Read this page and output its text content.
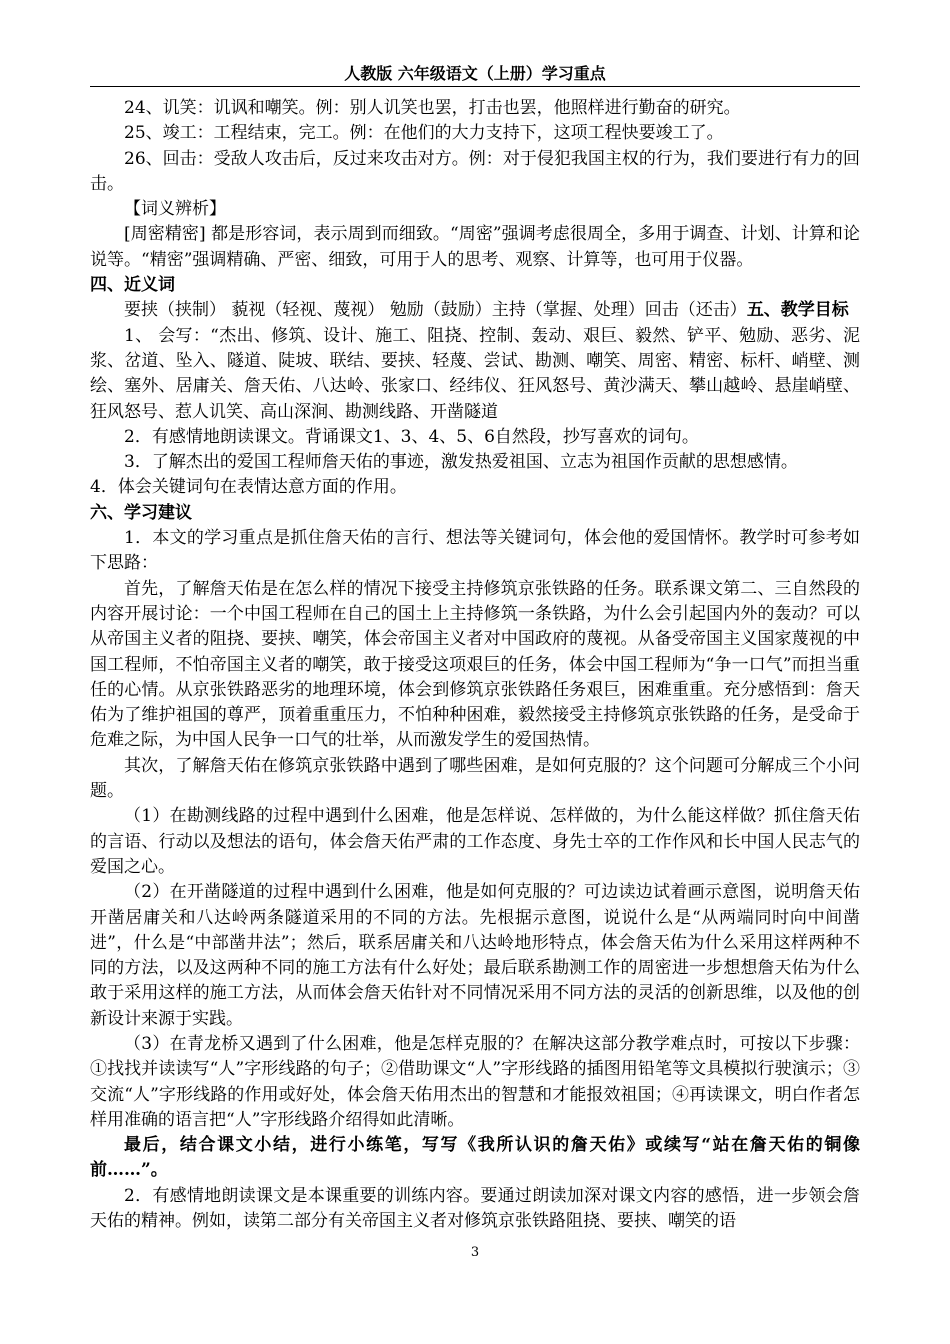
人教版 六年级语文（上册）学习重点

24、讥笑：讥讽和嘲笑。例：别人讥笑也罢，打击也罢，他照样进行勤奋的研究。

25、竣工：工程结束，完工。例：在他们的大力支持下，这项工程快要竣工了。

26、回击：受敌人攻击后，反过来攻击对方。例：对于侵犯我国主权的行为，我们要进行有力的回击。

【词义辨析】

[周密精密] 都是形容词，表示周到而细致。“周密”强调考虑很周全，多用于调查、计划、计算和论说等。“精密”强调精确、严密、细致，可用于人的思考、观察、计算等，也可用于仪器。

四、近义词

要挟（挟制） 藐视（轻视、蔑视） 勉励（鼓励）主持（掌握、处理）回击（还击）五、教学目标

1、 会写：“杰出、修筑、设计、施工、阻挠、控制、轰动、艰巨、毅然、铲平、勉励、恶劣、泥浆、岔道、坠入、隧道、陡坡、联结、要挟、轻蔑、尝试、勘测、嘲笑、周密、精密、标杆、峭壁、测绘、塞外、居庸关、詹天佑、八达岭、张家口、经纬仪、狂风怒号、黄沙满天、攀山越岭、悬崖峭壁、狂风怒号、惹人讥笑、高山深涧、勘测线路、开凿隧道

2．有感情地朗读课文。背诵课文1、3、4、5、6自然段，抄写喜欢的词句。

3．了解杰出的爱国工程师詹天佑的事迹，激发热爱祖国、立志为祖国作贡献的思想感情。

4．体会关键词句在表情达意方面的作用。

六、学习建议

1．本文的学习重点是抓住詹天佑的言行、想法等关键词句，体会他的爱国情怀。教学时可参考如下思路：

首先，了解詹天佑是在怎么样的情况下接受主持修筑京张铁路的任务。联系课文第二、三自然段的内容开展讨论：一个中国工程师在自己的国土上主持修筑一条铁路，为什么会引起国内外的轰动？可以从帝国主义者的阻挠、要挟、嘲笑，体会帝国主义者对中国政府的蔑视。从备受帝国主义国家蔑视的中国工程师，不怕帝国主义者的嘲笑，敢于接受这项艰巨的任务，体会中国工程师为“争一口气”而担当重任的心情。从京张铁路恶劣的地理环境，体会到修筑京张铁路任务艰巨，困难重重。充分感悟到：詹天佑为了维护祖国的尊严，顶着重重压力，不怕种种困难，毅然接受主持修筑京张铁路的任务，是受命于危难之际，为中国人民争一口气的壮举，从而激发学生的爱国热情。

其次，了解詹天佑在修筑京张铁路中遇到了哪些困难，是如何克服的？这个问题可分解成三个小问题。

（1）在勘测线路的过程中遇到什么困难，他是怎样说、怎样做的，为什么能这样做？抓住詹天佑的言语、行动以及想法的语句，体会詹天佑严肃的工作态度、身先士卒的工作作风和长中国人民志气的爱国之心。

（2）在开凿隧道的过程中遇到什么困难，他是如何克服的？可边读边试着画示意图，说明詹天佑开凿居庸关和八达岭两条隧道采用的不同的方法。先根据示意图，说说什么是“从两端同时向中间凿进”，什么是“中部凿井法”；然后，联系居庸关和八达岭地形特点，体会詹天佑为什么采用这样两种不同的方法，以及这两种不同的施工方法有什么好处；最后联系勘测工作的周密进一步想想詹天佑为什么敢于采用这样的施工方法，从而体会詹天佑针对不同情况采用不同方法的灵活的创新思维，以及他的创新设计来源于实践。

（3）在青龙桥又遇到了什么困难，他是怎样克服的？在解决这部分教学难点时，可按以下步骤：①找找并读读写“人”字形线路的句子；②借助课文“人”字形线路的插图用铅笔等文具模拟行驶演示；③交流“人”字形线路的作用或好处，体会詹天佑用杰出的智慧和才能报效祖国；④再读课文，明白作者怎样用准确的语言把“人”字形线路介绍得如此清晰。

最后，结合课文小结，进行小练笔，写写《我所认识的詹天佑》或续写“站在詹天佑的铜像前……”。

2．有感情地朗读课文是本课重要的训练内容。要通过朗读加深对课文内容的感悟，进一步领会詹天佑的精神。例如，读第二部分有关帝国主义者对修筑京张铁路阻挠、要挟、嘲笑的语

3
